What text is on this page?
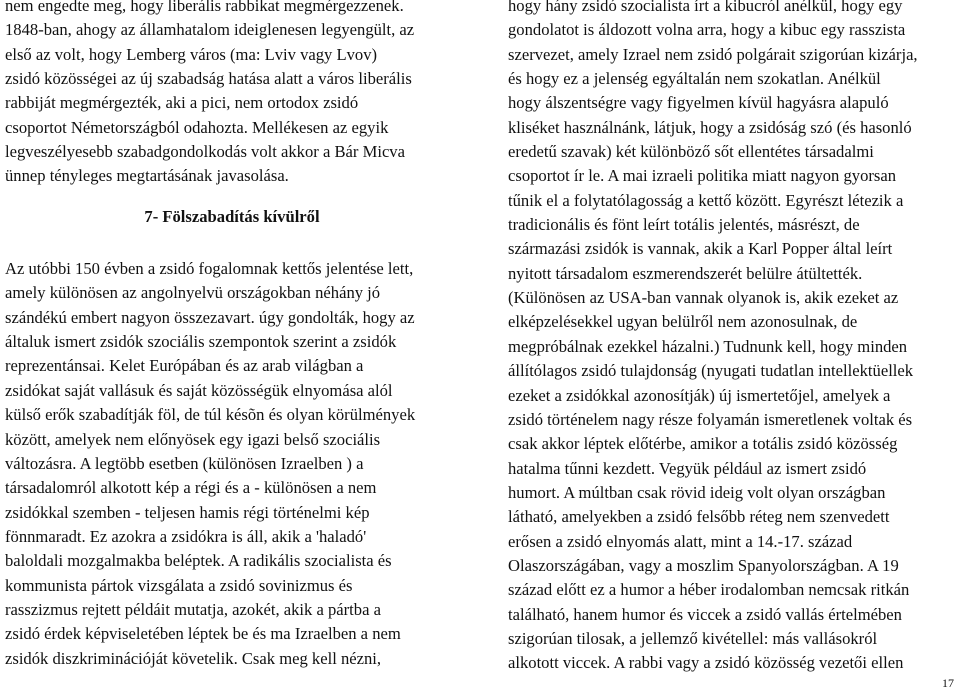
nem engedte meg, hogy liberális rabbikat megmérgezzenek.
1848-ban, ahogy az államhatalom ideiglenesen legyengült, az
első az volt, hogy Lemberg város (ma: Lviv vagy Lvov)
zsidó közösségei az új szabadság hatása alatt a város liberális
rabbiját megmérgezték, aki a pici, nem ortodox zsidó
csoportot Németországból odahozta. Mellékesen az egyik
legveszélyesebb szabadgondolkodás volt akkor a Bár Micva
ünnep tényleges megtartásának javasolása.
7- Fölszabadítás kívülről
Az utóbbi 150 évben a zsidó fogalomnak kettős jelentése lett,
amely különösen az angolnyelvü országokban néhány jó
szándékú embert nagyon összezavart. úgy gondolták, hogy az
általuk ismert zsidók szociális szempontok szerint a zsidók
reprezentánsai. Kelet Európában és az arab világban a
zsidókat saját vallásuk és saját közösségük elnyomása alól
külső erők szabadítják föl, de túl késõn és olyan körülmények
között, amelyek nem előnyösek egy igazi belső szociális
változásra. A legtöbb esetben (különösen Izraelben ) a
társadalomról alkotott kép a régi és a - különösen a nem
zsidókkal szemben - teljesen hamis régi történelmi kép
fönnmaradt. Ez azokra a zsidókra is áll, akik a 'haladó'
baloldali mozgalmakba beléptek. A radikális szocialista és
kommunista pártok vizsgálata a zsidó sovinizmus és
rasszizmus rejtett példáit mutatja, azokét, akik a pártba a
zsidó érdek képviseletében léptek be és ma Izraelben a nem
zsidók diszkriminációját követelik. Csak meg kell nézni,
hogy hány zsidó szocialista írt a kibucról anélkül, hogy egy
gondolatot is áldozott volna arra, hogy a kibuc egy rasszista
szervezet, amely Izrael nem zsidó polgárait szigorúan kizárja,
és hogy ez a jelenség egyáltalán nem szokatlan. Anélkül
hogy álszentségre vagy figyelmen kívül hagyásra alapuló
kliséket használnánk, látjuk, hogy a zsidóság szó (és hasonló
eredetű szavak) két különböző sőt ellentétes társadalmi
csoportot ír le. A mai izraeli politika miatt nagyon gyorsan
tűnik el a folytatólagosság a kettő között. Egyrészt létezik a
tradicionális és fönt leírt totális jelentés, másrészt, de
származási zsidók is vannak, akik a Karl Popper által leírt
nyitott társadalom eszmerendszerét belülre átültették.
(Különösen az USA-ban vannak olyanok is, akik ezeket az
elképzelésekkel ugyan belülről nem azonosulnak, de
megpróbálnak ezekkel házalni.) Tudnunk kell, hogy minden
állítólagos zsidó tulajdonság (nyugati tudatlan intellektüellek
ezeket a zsidókkal azonosítják) új ismertetőjel, amelyek a
zsidó történelem nagy része folyamán ismeretlenek voltak és
csak akkor léptek előtérbe, amikor a totális zsidó közösség
hatalma tűnni kezdett. Vegyük például az ismert zsidó
humort. A múltban csak rövid ideig volt olyan országban
látható, amelyekben a zsidó felsőbb réteg nem szenvedett
erősen a zsidó elnyomás alatt, mint a 14.-17. század
Olaszországában, vagy a moszlim Spanyolországban. A 19
század előtt ez a humor a héber irodalomban nemcsak ritkán
található, hanem humor és viccek a zsidó vallás értelmében
szigorúan tilosak, a jellemző kivétellel: más vallásokról
alkotott viccek. A rabbi vagy a zsidó közösség vezetői ellen
17
